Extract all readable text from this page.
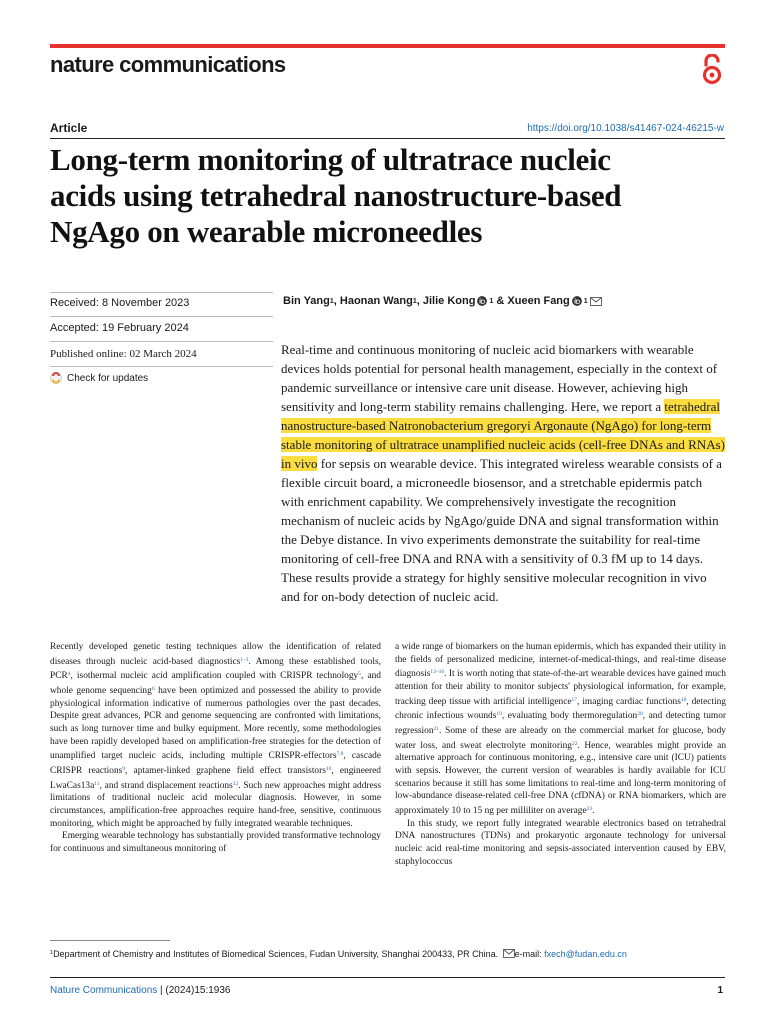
nature communications
Article	https://doi.org/10.1038/s41467-024-46215-w
Long-term monitoring of ultratrace nucleic
acids using tetrahedral nanostructure-based
NgAgo on wearable microneedles
Received: 8 November 2023
Accepted: 19 February 2024
Published online: 02 March 2024
Check for updates
Bin Yang 1 , Haonan Wang 1 , Jilie Kong 1 & Xueen Fang 1
Real-time and continuous monitoring of nucleic acid biomarkers with wearable devices holds potential for personal health management, especially in the context of pandemic surveillance or intensive care unit disease. However, achieving high sensitivity and long-term stability remains challenging. Here, we report a tetrahedral nanostructure-based Natronobacterium gregoryi Argonaute (NgAgo) for long-term stable monitoring of ultratrace unamplified nucleic acids (cell-free DNAs and RNAs) in vivo for sepsis on wearable device. This integrated wireless wearable consists of a flexible circuit board, a microneedle biosensor, and a stretchable epidermis patch with enrichment capability. We comprehensively investigate the recognition mechanism of nucleic acids by NgAgo/guide DNA and signal transformation within the Debye distance. In vivo experiments demonstrate the suitability for real-time monitoring of cell-free DNA and RNA with a sensitivity of 0.3 fM up to 14 days. These results provide a strategy for highly sensitive molecular recognition in vivo and for on-body detection of nucleic acid.

Recently developed genetic testing techniques allow the identification of related diseases through nucleic acid-based diagnostics$^{1-3}$. Among these established tools, PCR$^4$, isothermal nucleic acid amplification coupled with CRISPR technology$^5$, and whole genome sequencing$^6$ have been optimized and possessed the ability to provide physiological information indicative of numerous pathologies over the past decades. Despite great advances, PCR and genome sequencing are confronted with limitations, such as long turnover time and bulky equipment. More recently, some methodologies have been rapidly developed based on amplification-free strategies for the detection of unamplified target nucleic acids, including multiple CRISPR-effectors$^{7,8}$, cascade CRISPR reactions$^9$, aptamer-linked graphene field effect transistors$^{10}$, engineered $LwaCas13a^{11}$, and strand displacement reactions$^{12}$. Such new approaches might address limitations of traditional nucleic acid molecular diagnosis. However, in some circumstances, amplification-free approaches require hand-free, sensitive, continuous monitoring, which might be approached by fully integrated wearable techniques.

Emerging wearable technology has substantially provided transformative technology for continuous and simultaneous monitoring of

a wide range of biomarkers on the human epidermis, which has expanded their utility in the fields of personalized medicine, internet-of-medical-things, and real-time disease diagnosis$^{13-16}$. It is worth noting that state-of-the-art wearable devices have gained much attention for their ability to monitor subjects' physiological information, for example, tracking deep tissue with artificial intelligence$^{17}$, imaging cardiac functions$^{18}$, detecting chronic infectious wounds$^{19}$, evaluating body thermoregulation$^{20}$, and detecting tumor regression$^{21}$. Some of these are already on the commercial market for glucose, body water loss, and sweat electrolyte monitoring$^{22}$. Hence, wearables might provide an alternative approach for continuous monitoring, e.g., intensive care unit (ICU) patients with sepsis. However, the current version of wearables is hardly available for ICU scenarios because it still has some limitations to real-time and long-term monitoring of low-abundance disease-related cell-free DNA (cfDNA) or RNA biomarkers, which are approximately 10 to 15 ng per milliliter on average$^{23}$.

In this study, we report fully integrated wearable electronics based on tetrahedral DNA nanostructures (TDNs) and prokaryotic argonaute technology for universal nucleic acid real-time monitoring and sepsis-associated intervention caused by EBV, staphylococcus

$^1$Department of Chemistry and Institutes of Biomedical Sciences, Fudan University, Shanghai 200433, PR China. e-mail: fxech@fudan.edu.cn
Nature Communications | (2024)15:1936	1
